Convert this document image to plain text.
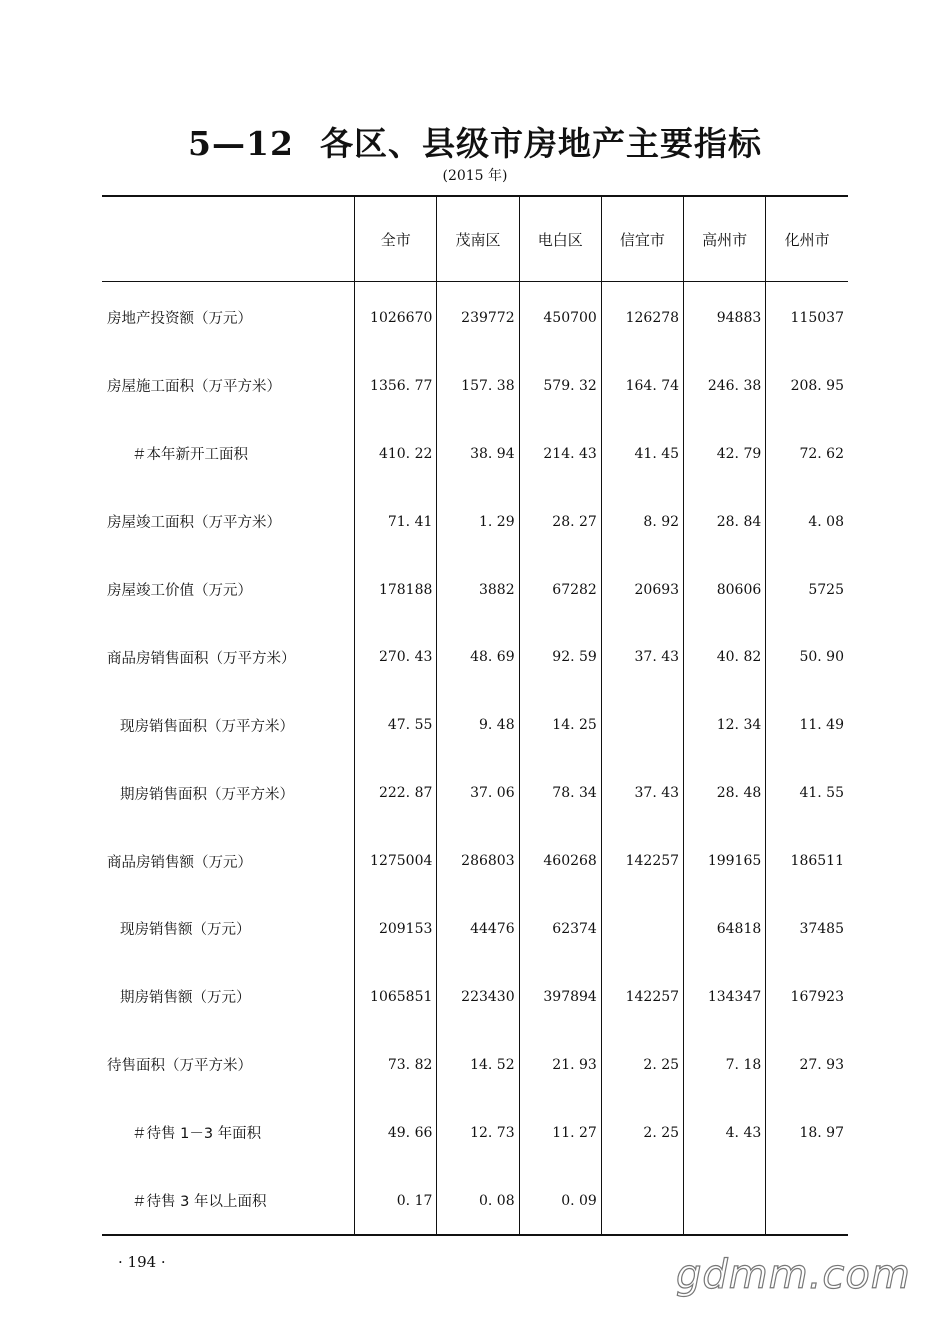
5—12 各区、县级市房地产主要指标
(2015 年)
	全市	茂南区	电白区	信宜市	高州市	化州市
房地产投资额（万元）	1026670	239772	450700	126278	94883	115037
房屋施工面积（万平方米）	1356. 77	157. 38	579. 32	164. 74	246. 38	208. 95
＃本年新开工面积	410. 22	38. 94	214. 43	41. 45	42. 79	72. 62
房屋竣工面积（万平方米）	71. 41	1. 29	28. 27	8. 92	28. 84	4. 08
房屋竣工价值（万元）	178188	3882	67282	20693	80606	5725
商品房销售面积（万平方米）	270. 43	48. 69	92. 59	37. 43	40. 82	50. 90
现房销售面积（万平方米）	47. 55	9. 48	14. 25		12. 34	11. 49
期房销售面积（万平方米）	222. 87	37. 06	78. 34	37. 43	28. 48	41. 55
商品房销售额（万元）	1275004	286803	460268	142257	199165	186511
现房销售额（万元）	209153	44476	62374		64818	37485
期房销售额（万元）	1065851	223430	397894	142257	134347	167923
待售面积（万平方米）	73. 82	14. 52	21. 93	2. 25	7. 18	27. 93
＃待售 1－3 年面积	49. 66	12. 73	11. 27	2. 25	4. 43	18. 97
＃待售 3 年以上面积	0. 17	0. 08	0. 09			
· 194 ·	gdmm.com
